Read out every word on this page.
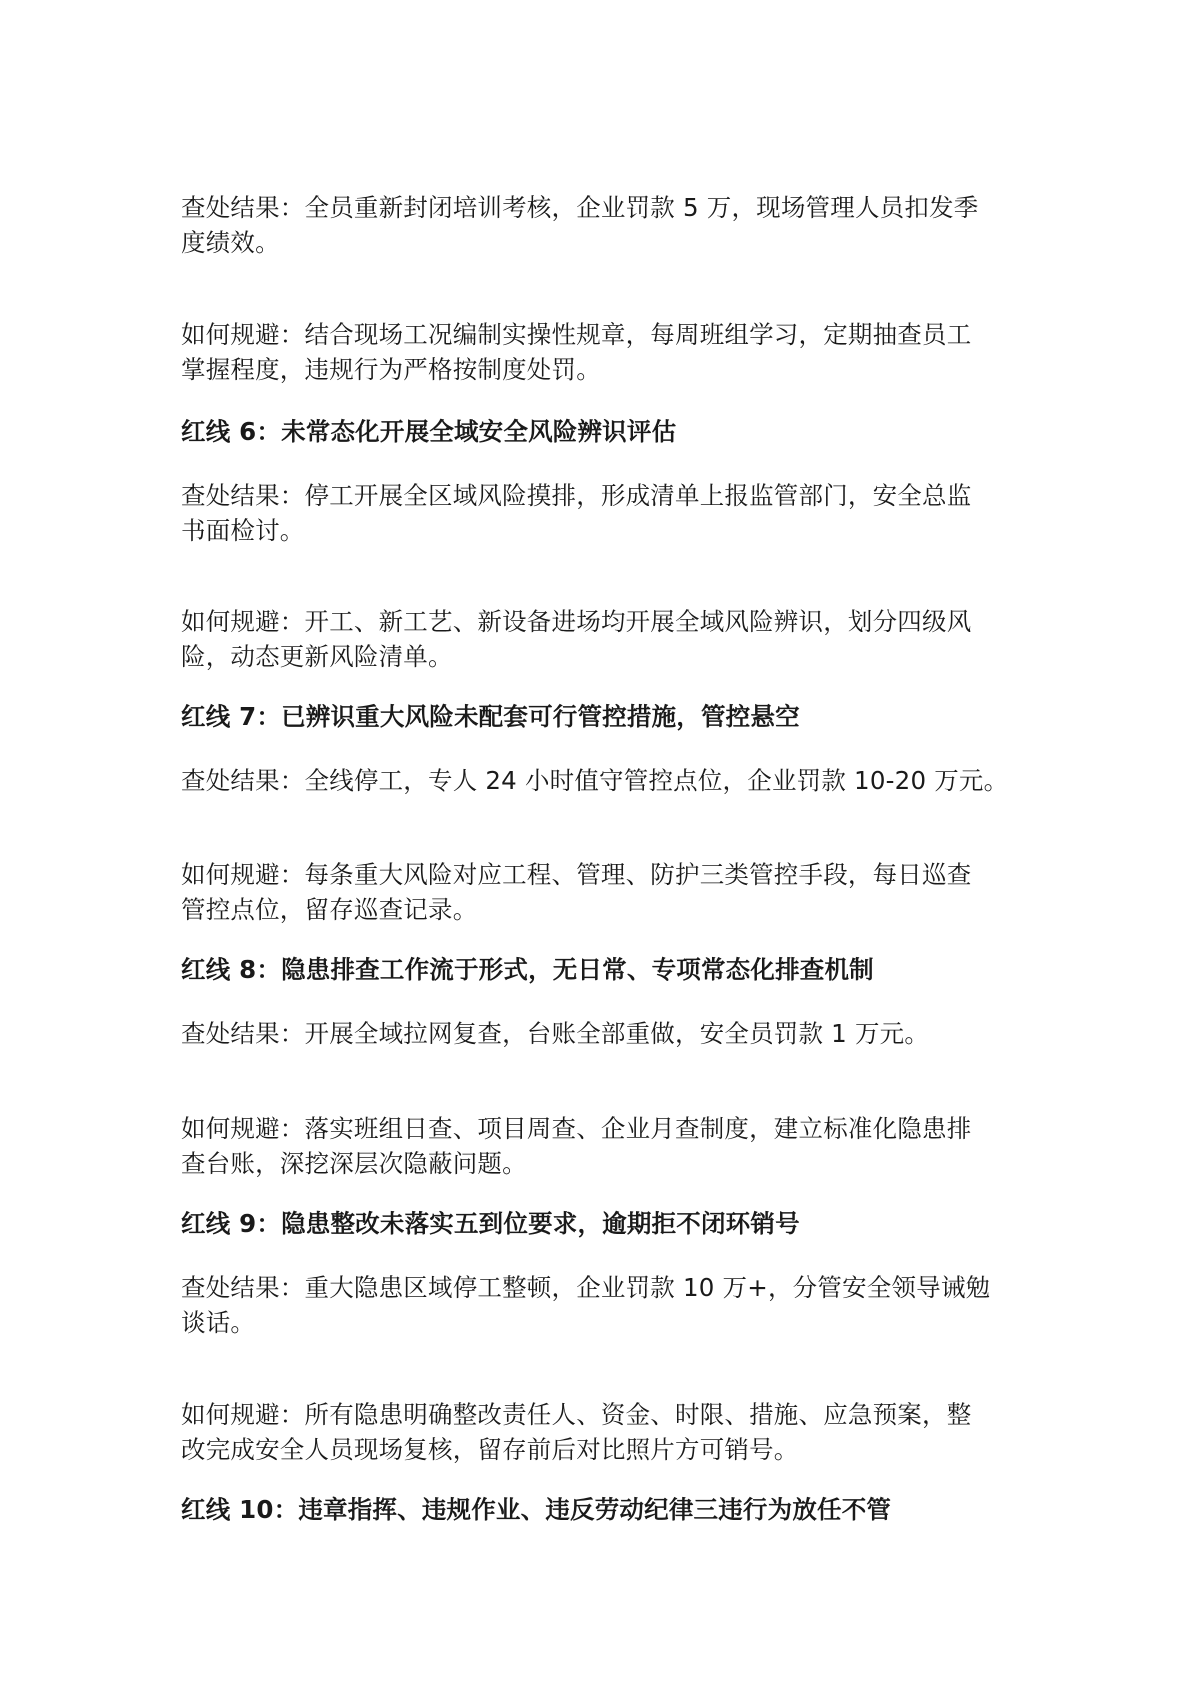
查处结果：全员重新封闭培训考核，企业罚款 5 万，现场管理人员扣发季
度绩效。

如何规避：结合现场工况编制实操性规章，每周班组学习，定期抽查员工
掌握程度，违规行为严格按制度处罚。

红线 6：未常态化开展全域安全风险辨识评估

查处结果：停工开展全区域风险摸排，形成清单上报监管部门，安全总监
书面检讨。

如何规避：开工、新工艺、新设备进场均开展全域风险辨识，划分四级风
险，动态更新风险清单。

红线 7：已辨识重大风险未配套可行管控措施，管控悬空

查处结果：全线停工，专人 24 小时值守管控点位，企业罚款 10-20 万元。

如何规避：每条重大风险对应工程、管理、防护三类管控手段，每日巡查
管控点位，留存巡查记录。

红线 8：隐患排查工作流于形式，无日常、专项常态化排查机制

查处结果：开展全域拉网复查，台账全部重做，安全员罚款 1 万元。

如何规避：落实班组日查、项目周查、企业月查制度，建立标准化隐患排
查台账，深挖深层次隐蔽问题。

红线 9：隐患整改未落实五到位要求，逾期拒不闭环销号

查处结果：重大隐患区域停工整顿，企业罚款 10 万+，分管安全领导诫勉
谈话。

如何规避：所有隐患明确整改责任人、资金、时限、措施、应急预案，整
改完成安全人员现场复核，留存前后对比照片方可销号。

红线 10：违章指挥、违规作业、违反劳动纪律三违行为放任不管
